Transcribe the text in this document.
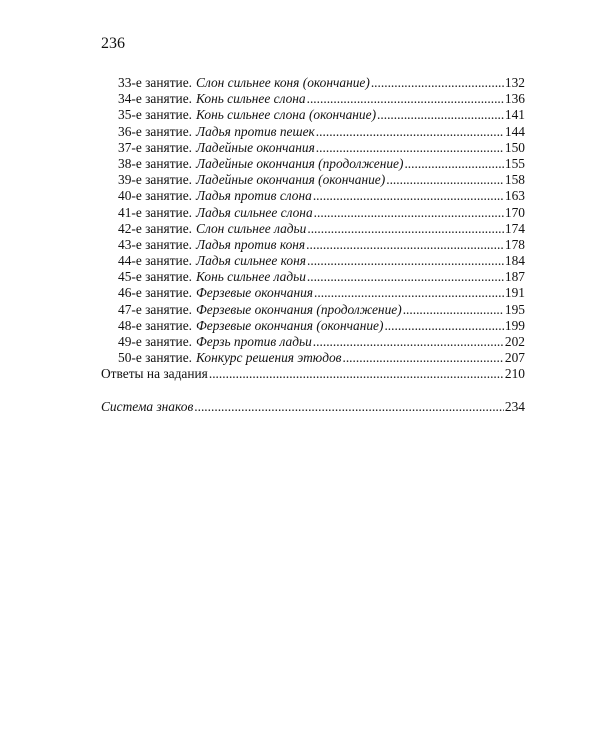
236
33-е занятие. Слон сильнее коня (окончание) .....	132
34-е занятие. Конь сильнее слона .....	136
35-е занятие. Конь сильнее слона (окончание) .....	141
36-е занятие. Ладья против пешек .....	144
37-е занятие. Ладейные окончания .....	150
38-е занятие. Ладейные окончания (продолжение) .....	155
39-е занятие. Ладейные окончания (окончание) .....	158
40-е занятие. Ладья против слона .....	163
41-е занятие. Ладья сильнее слона .....	170
42-е занятие. Слон сильнее ладьи .....	174
43-е занятие. Ладья против коня .....	178
44-е занятие. Ладья сильнее коня .....	184
45-е занятие. Конь сильнее ладьи .....	187
46-е занятие. Ферзевые окончания .....	191
47-е занятие. Ферзевые окончания (продолжение) .....	195
48-е занятие. Ферзевые окончания (окончание) .....	199
49-е занятие. Ферзь против ладьи .....	202
50-е занятие. Конкурс решения этюдов .....	207
Ответы на задания .....	210
Система знаков .....	234
